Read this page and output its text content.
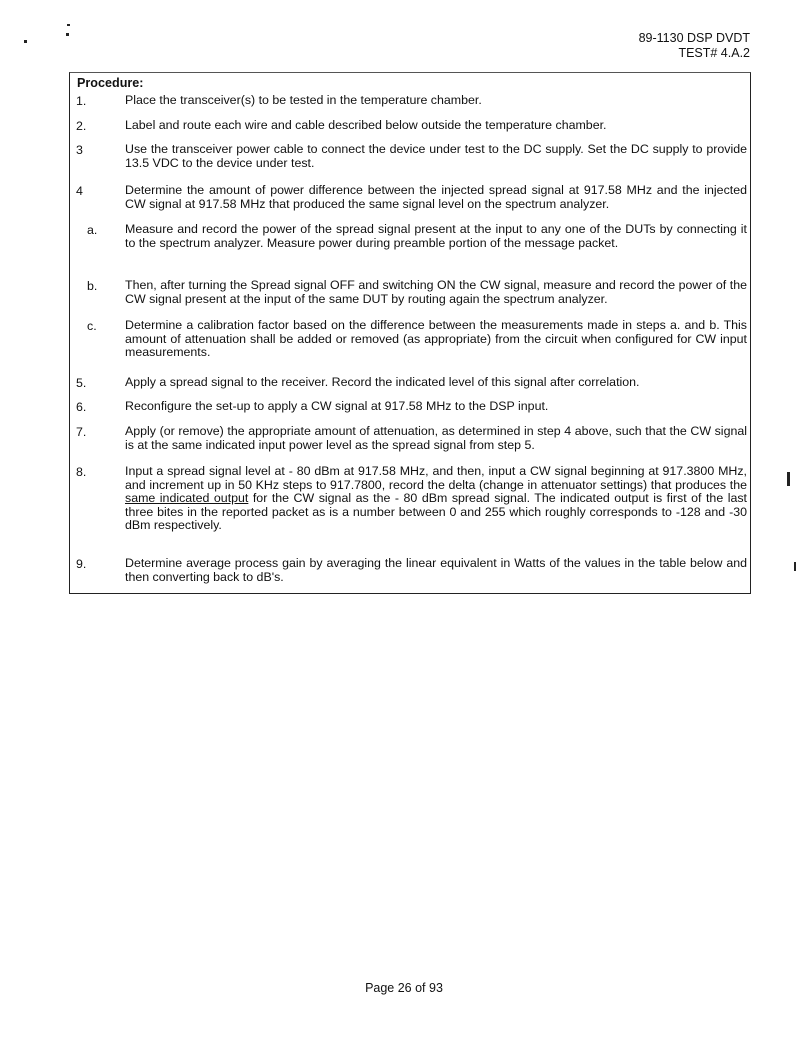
89-1130 DSP DVDT
TEST# 4.A.2
Procedure:
1.	Place the transceiver(s) to be tested in the temperature chamber.
2.	Label and route each wire and cable described below outside the temperature chamber.
3	Use the transceiver power cable to connect the device under test to the DC supply. Set the DC supply to provide 13.5 VDC to the device under test.
4	Determine the amount of power difference between the injected spread signal at 917.58 MHz and the injected CW signal at 917.58 MHz that produced the same signal level on the spectrum analyzer.
a. Measure and record the power of the spread signal present at the input to any one of the DUTs by connecting it to the spectrum analyzer. Measure power during preamble portion of the message packet.
b. Then, after turning the Spread signal OFF and switching ON the CW signal, measure and record the power of the CW signal present at the input of the same DUT by routing again the spectrum analyzer.
c. Determine a calibration factor based on the difference between the measurements made in steps a. and b. This amount of attenuation shall be added or removed (as appropriate) from the circuit when configured for CW input measurements.
5.	Apply a spread signal to the receiver. Record the indicated level of this signal after correlation.
6.	Reconfigure the set-up to apply a CW signal at 917.58 MHz to the DSP input.
7.	Apply (or remove) the appropriate amount of attenuation, as determined in step 4 above, such that the CW signal is at the same indicated input power level as the spread signal from step 5.
8.	Input a spread signal level at - 80 dBm at 917.58 MHz, and then, input a CW signal beginning at 917.3800 MHz, and increment up in 50 KHz steps to 917.7800, record the delta (change in attenuator settings) that produces the same indicated output for the CW signal as the - 80 dBm spread signal. The indicated output is first of the last three bites in the reported packet as is a number between 0 and 255 which roughly corresponds to -128 and -30 dBm respectively.
9.	Determine average process gain by averaging the linear equivalent in Watts of the values in the table below and then converting back to dB's.
Page 26 of 93
